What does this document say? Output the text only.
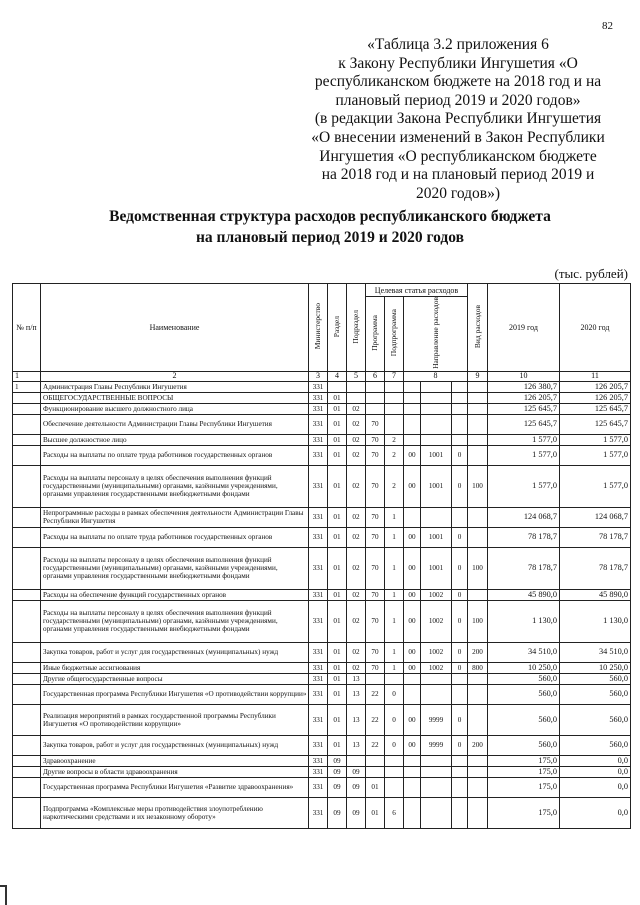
82
«Таблица 3.2 приложения 6
к Закону Республики Ингушетия «О
республиканском бюджете на 2018 год и на
плановый период 2019 и 2020 годов»
(в редакции Закона Республики Ингушетия
«О внесении изменений в Закон Республики
Ингушетия «О республиканском бюджете
на 2018 год и на плановый период 2019 и
2020 годов»)
Ведомственная структура расходов республиканского бюджета
на плановый период 2019 и 2020 годов
(тыс. рублей)
№ п/п	Наименование	Министерство	Раздел	Подраздел	Целевая статья расходов					Вид расходов	2019 год	2020 год
					Программа	Подпрограмма	Направление расходов					
1	2	3	4	5	6	7	8			9	10	11
1	Администрация Главы Республики Ингушетия	331									126 380,7	126 205,7
	ОБЩЕГОСУДАРСТВЕННЫЕ ВОПРОСЫ	331	01								126 205,7	126 205,7
	Функционирование высшего должностного лица	331	01	02							125 645,7	125 645,7
	Обеспечение деятельности Администрации Главы Республики Ингушетия	331	01	02	70						125 645,7	125 645,7
	Высшее должностное лицо	331	01	02	70	2					1 577,0	1 577,0
	Расходы на выплаты по оплате труда работников государственных органов	331	01	02	70	2	00	1001	0		1 577,0	1 577,0
	Расходы на выплаты персоналу в целях обеспечения выполнения функций государственными (муниципальными) органами, казёнными учреждениями, органами управления государственными внебюджетными фондами	331	01	02	70	2	00	1001	0	100	1 577,0	1 577,0
	Непрограммные расходы в рамках обеспечения деятельности Администрации Главы Республики Ингушетия	331	01	02	70	1					124 068,7	124 068,7
	Расходы на выплаты по оплате труда работников государственных органов	331	01	02	70	1	00	1001	0		78 178,7	78 178,7
	Расходы на выплаты персоналу в целях обеспечения выполнения функций государственными (муниципальными) органами, казёнными учреждениями, органами управления государственными внебюджетными фондами	331	01	02	70	1	00	1001	0	100	78 178,7	78 178,7
	Расходы на обеспечение функций государственных органов	331	01	02	70	1	00	1002	0		45 890,0	45 890,0
	Расходы на выплаты персоналу в целях обеспечения выполнения функций государственными (муниципальными) органами, казёнными учреждениями, органами управления государственными внебюджетными фондами	331	01	02	70	1	00	1002	0	100	1 130,0	1 130,0
	Закупка товаров, работ и услуг для государственных (муниципальных) нужд	331	01	02	70	1	00	1002	0	200	34 510,0	34 510,0
	Иные бюджетные ассигнования	331	01	02	70	1	00	1002	0	800	10 250,0	10 250,0
	Другие общегосударственные вопросы	331	01	13							560,0	560,0
	Государственная программа Республики Ингушетия «О противодействии коррупции»	331	01	13	22	0					560,0	560,0
	Реализация мероприятий в рамках государственной программы Республики Ингушетия «О противодействии коррупции»	331	01	13	22	0	00	9999	0		560,0	560,0
	Закупка товаров, работ и услуг для государственных (муниципальных) нужд	331	01	13	22	0	00	9999	0	200	560,0	560,0
	Здравоохранение	331	09								175,0	0,0
	Другие вопросы в области здравоохранения	331	09	09							175,0	0,0
	Государственная программа Республики Ингушетия «Развитие здравоохранения»	331	09	09	01						175,0	0,0
	Подпрограмма «Комплексные меры противодействия злоупотреблению наркотическими средствами и их незаконному обороту»	331	09	09	01	6					175,0	0,0
